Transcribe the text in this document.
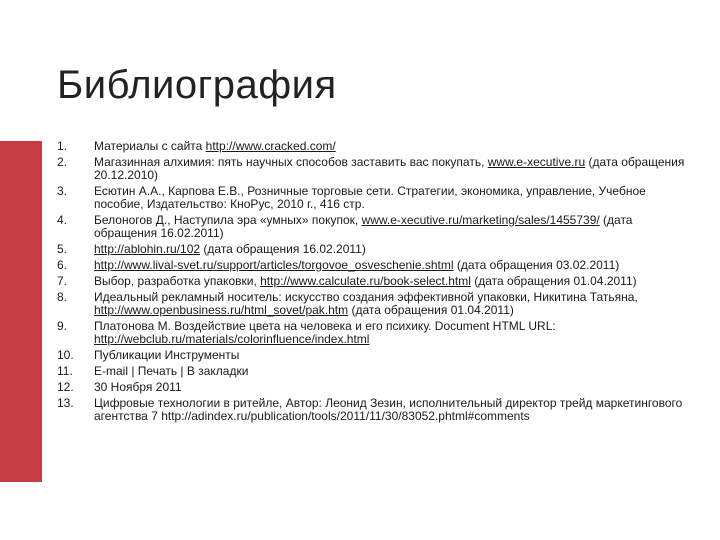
Библиография
1.	Материалы с сайта http://www.cracked.com/
2.	Магазинная алхимия: пять научных способов заставить вас покупать, www.e-xecutive.ru (дата обращения 20.12.2010)
3.	Есютин А.А., Карпова Е.В., Розничные торговые сети. Стратегии, экономика, управление, Учебное пособие, Издательство: КноРус, 2010 г., 416 стр.
4.	Белоногов Д., Наступила эра «умных» покупок, www.e-xecutive.ru/marketing/sales/1455739/ (дата обращения 16.02.2011)
5.	http://ablohin.ru/102 (дата обращения 16.02.2011)
6.	http://www.lival-svet.ru/support/articles/torgovoe_osveschenie.shtml (дата обращения 03.02.2011)
7.	Выбор, разработка упаковки, http://www.calculate.ru/book-select.html (дата обращения 01.04.2011)
8.	Идеальный рекламный носитель: искусство создания эффективной упаковки, Никитина Татьяна, http://www.openbusiness.ru/html_sovet/pak.htm (дата обращения 01.04.2011)
9.	Платонова М. Воздействие цвета на человека и его психику. Document HTML URL: http://webclub.ru/materials/colorinfluence/index.html
10.	Публикации Инструменты
11.	E-mail | Печать | В закладки
12.	30 Ноября 2011
13.	Цифровые технологии в ритейле, Автор: Леонид Зезин, исполнительный директор трейд маркетингового агентства 7 http://adindex.ru/publication/tools/2011/11/30/83052.phtml#comments
